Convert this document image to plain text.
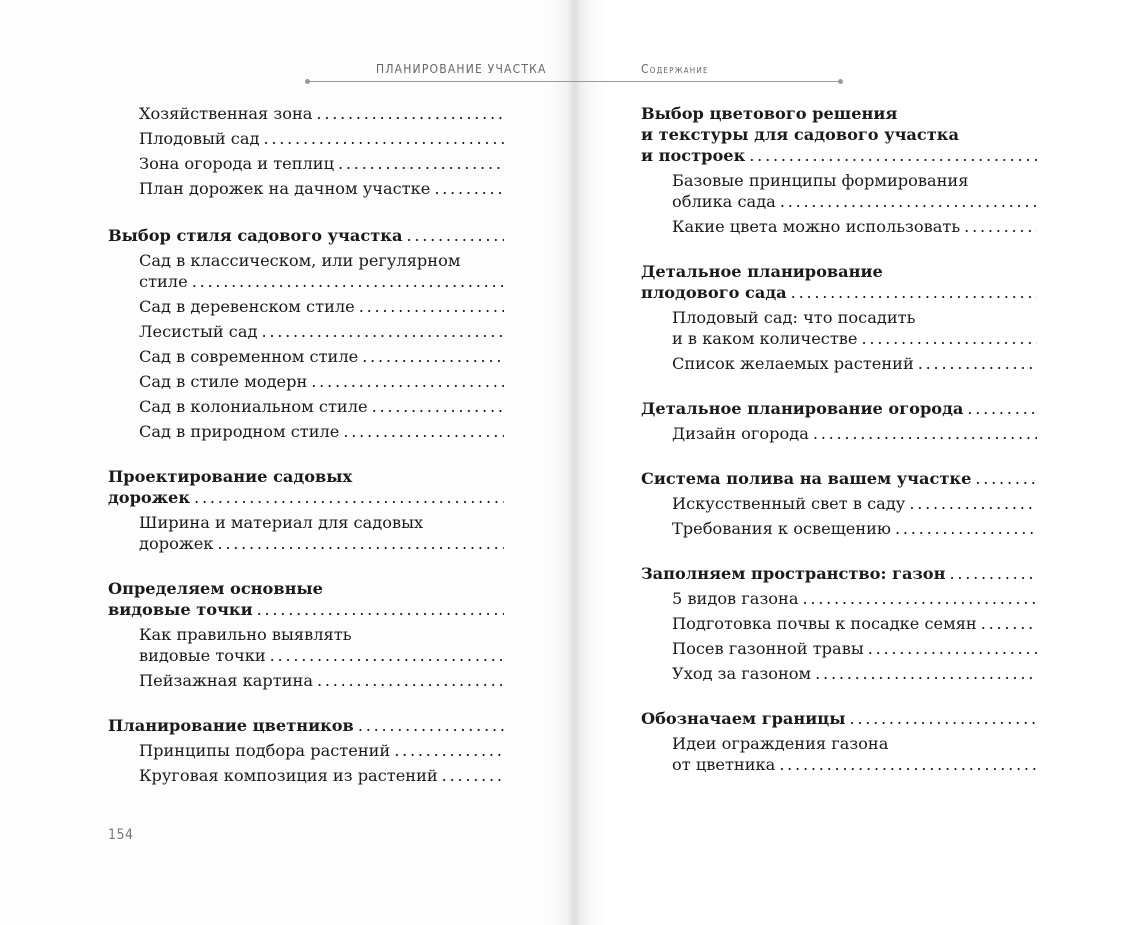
ПЛАНИРОВАНИЕ УЧАСТКА	Содержание
Хозяйственная зона
. . .
Плодовый сад
. . .
Зона огорода и теплиц
. . .
План дорожек на дачном участке
. . .
Выбор стиля садового участка
. . .
Сад в классическом, или регулярном
стиле
. . .
Сад в деревенском стиле
. . .
Лесистый сад
. . .
Сад в современном стиле
. . .
Сад в стиле модерн
. . .
Сад в колониальном стиле
. . .
Сад в природном стиле
. . .
Проектирование садовых
дорожек
. . .
Ширина и материал для садовых
дорожек
. . .
Определяем основные
видовые точки
. . .
Как правильно выявлять
видовые точки
. . .
Пейзажная картина
. . .
Планирование цветников
. . .
Принципы подбора растений
. . .
Круговая композиция из растений
. . .
Выбор цветового решения
и текстуры для садового участка
и построек
. . .
Базовые принципы формирования
облика сада
. . .
Какие цвета можно использовать
. . .
Детальное планирование
плодового сада
. . .
Плодовый сад: что посадить
и в каком количестве
. . .
Список желаемых растений
. . .
Детальное планирование огорода
. . .
Дизайн огорода
. . .
Система полива на вашем участке
. . .
Искусственный свет в саду
. . .
Требования к освещению
. . .
Заполняем пространство: газон
. . .
5 видов газона
. . .
Подготовка почвы к посадке семян
. . .
Посев газонной травы
. . .
Уход за газоном
. . .
Обозначаем границы
. . .
Идеи ограждения газона
от цветника
. . .
154
